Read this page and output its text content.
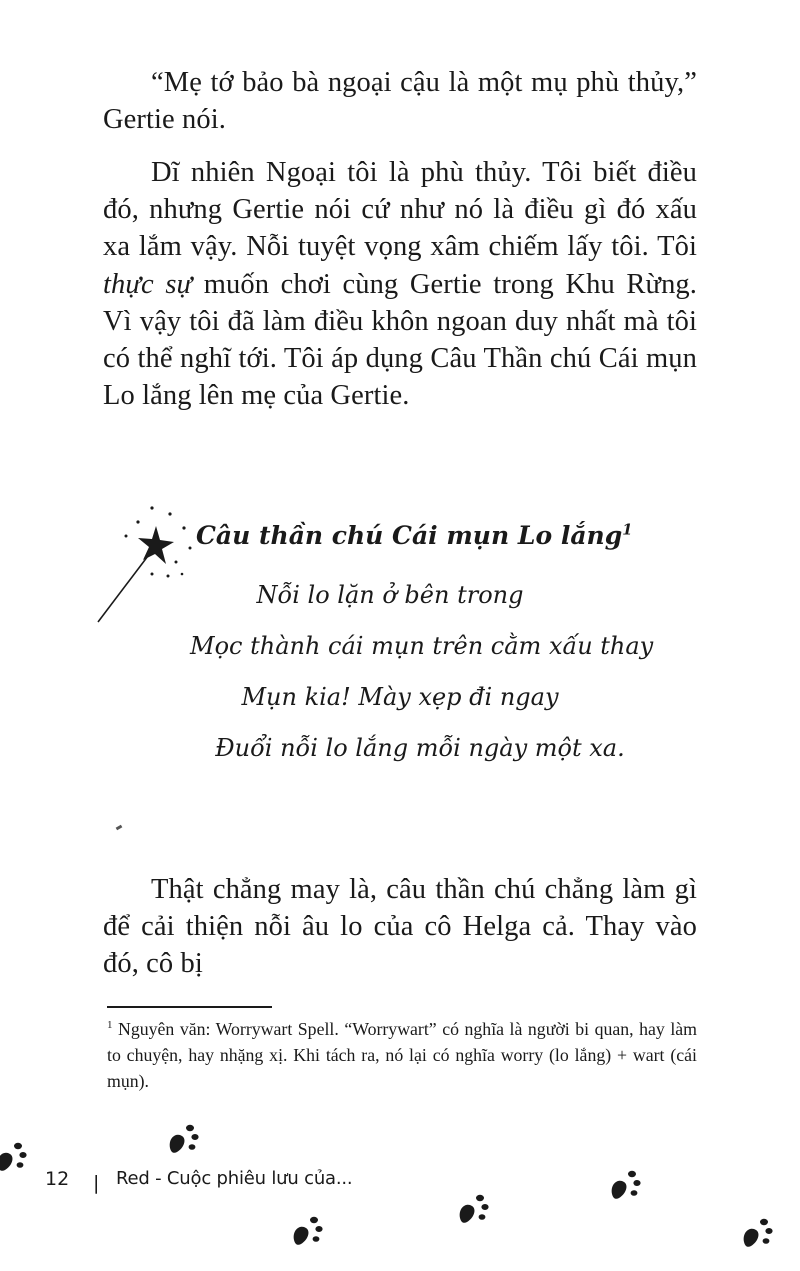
“Mẹ tớ bảo bà ngoại cậu là một mụ phù thủy,” Gertie nói.

Dĩ nhiên Ngoại tôi là phù thủy. Tôi biết điều đó, nhưng Gertie nói cứ như nó là điều gì đó xấu xa lắm vậy. Nỗi tuyệt vọng xâm chiếm lấy tôi. Tôi thực sự muốn chơi cùng Gertie trong Khu Rừng. Vì vậy tôi đã làm điều khôn ngoan duy nhất mà tôi có thể nghĩ tới. Tôi áp dụng Câu Thần chú Cái mụn Lo lắng lên mẹ của Gertie.

Câu thần chú Cái mụn Lo lắng$^1$

Nỗi lo lặn ở bên trong
Mọc thành cái mụn trên cằm xấu thay
Mụn kia! Mày xẹp đi ngay
Đuổi nỗi lo lắng mỗi ngày một xa.

Thật chẳng may là, câu thần chú chẳng làm gì để cải thiện nỗi âu lo của cô Helga cả. Thay vào đó, cô bị

$^1$ Nguyên văn: Worrywart Spell. “Worrywart” có nghĩa là người bi quan, hay làm to chuyện, hay nhặng xị. Khi tách ra, nó lại có nghĩa worry (lo lắng) + wart (cái mụn).

12 | Red - Cuộc phiêu lưu của...
